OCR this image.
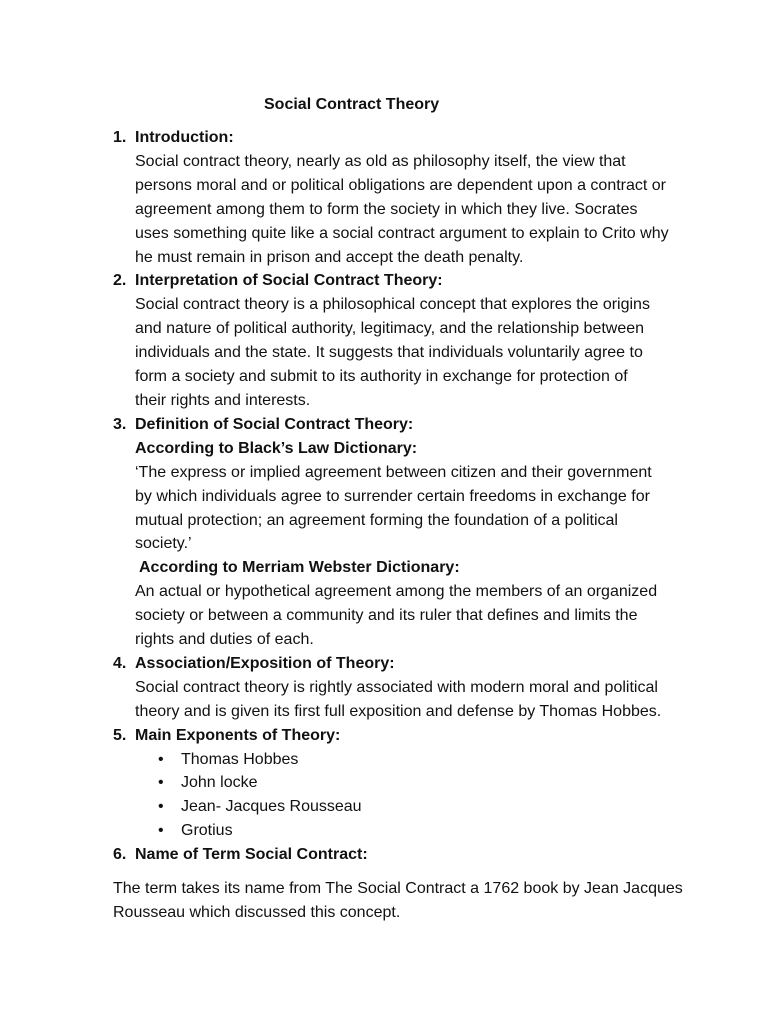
Social Contract Theory
1. Introduction:
Social contract theory, nearly as old as philosophy itself, the view that
persons moral and or political obligations are dependent upon a contract or
agreement among them to form the society in which they live. Socrates
uses something quite like a social contract argument to explain to Crito why
he must remain in prison and accept the death penalty.
2. Interpretation of Social Contract Theory:
Social contract theory is a philosophical concept that explores the origins
and nature of political authority, legitimacy, and the relationship between
individuals and the state. It suggests that individuals voluntarily agree to
form a society and submit to its authority in exchange for protection of
their rights and interests.
3. Definition of Social Contract Theory:
According to Black’s Law Dictionary:
‘The express or implied agreement between citizen and their government
by which individuals agree to surrender certain freedoms in exchange for
mutual protection; an agreement forming the foundation of a political
society.’
According to Merriam Webster Dictionary:
An actual or hypothetical agreement among the members of an organized
society or between a community and its ruler that defines and limits the
rights and duties of each.
4. Association/Exposition of Theory:
Social contract theory is rightly associated with modern moral and political
theory and is given its first full exposition and defense by Thomas Hobbes.
5. Main Exponents of Theory:
•	Thomas Hobbes
•	John locke
•	Jean- Jacques Rousseau
•	Grotius
6. Name of Term Social Contract:
The term takes its name from The Social Contract a 1762 book by Jean Jacques
Rousseau which discussed this concept.
